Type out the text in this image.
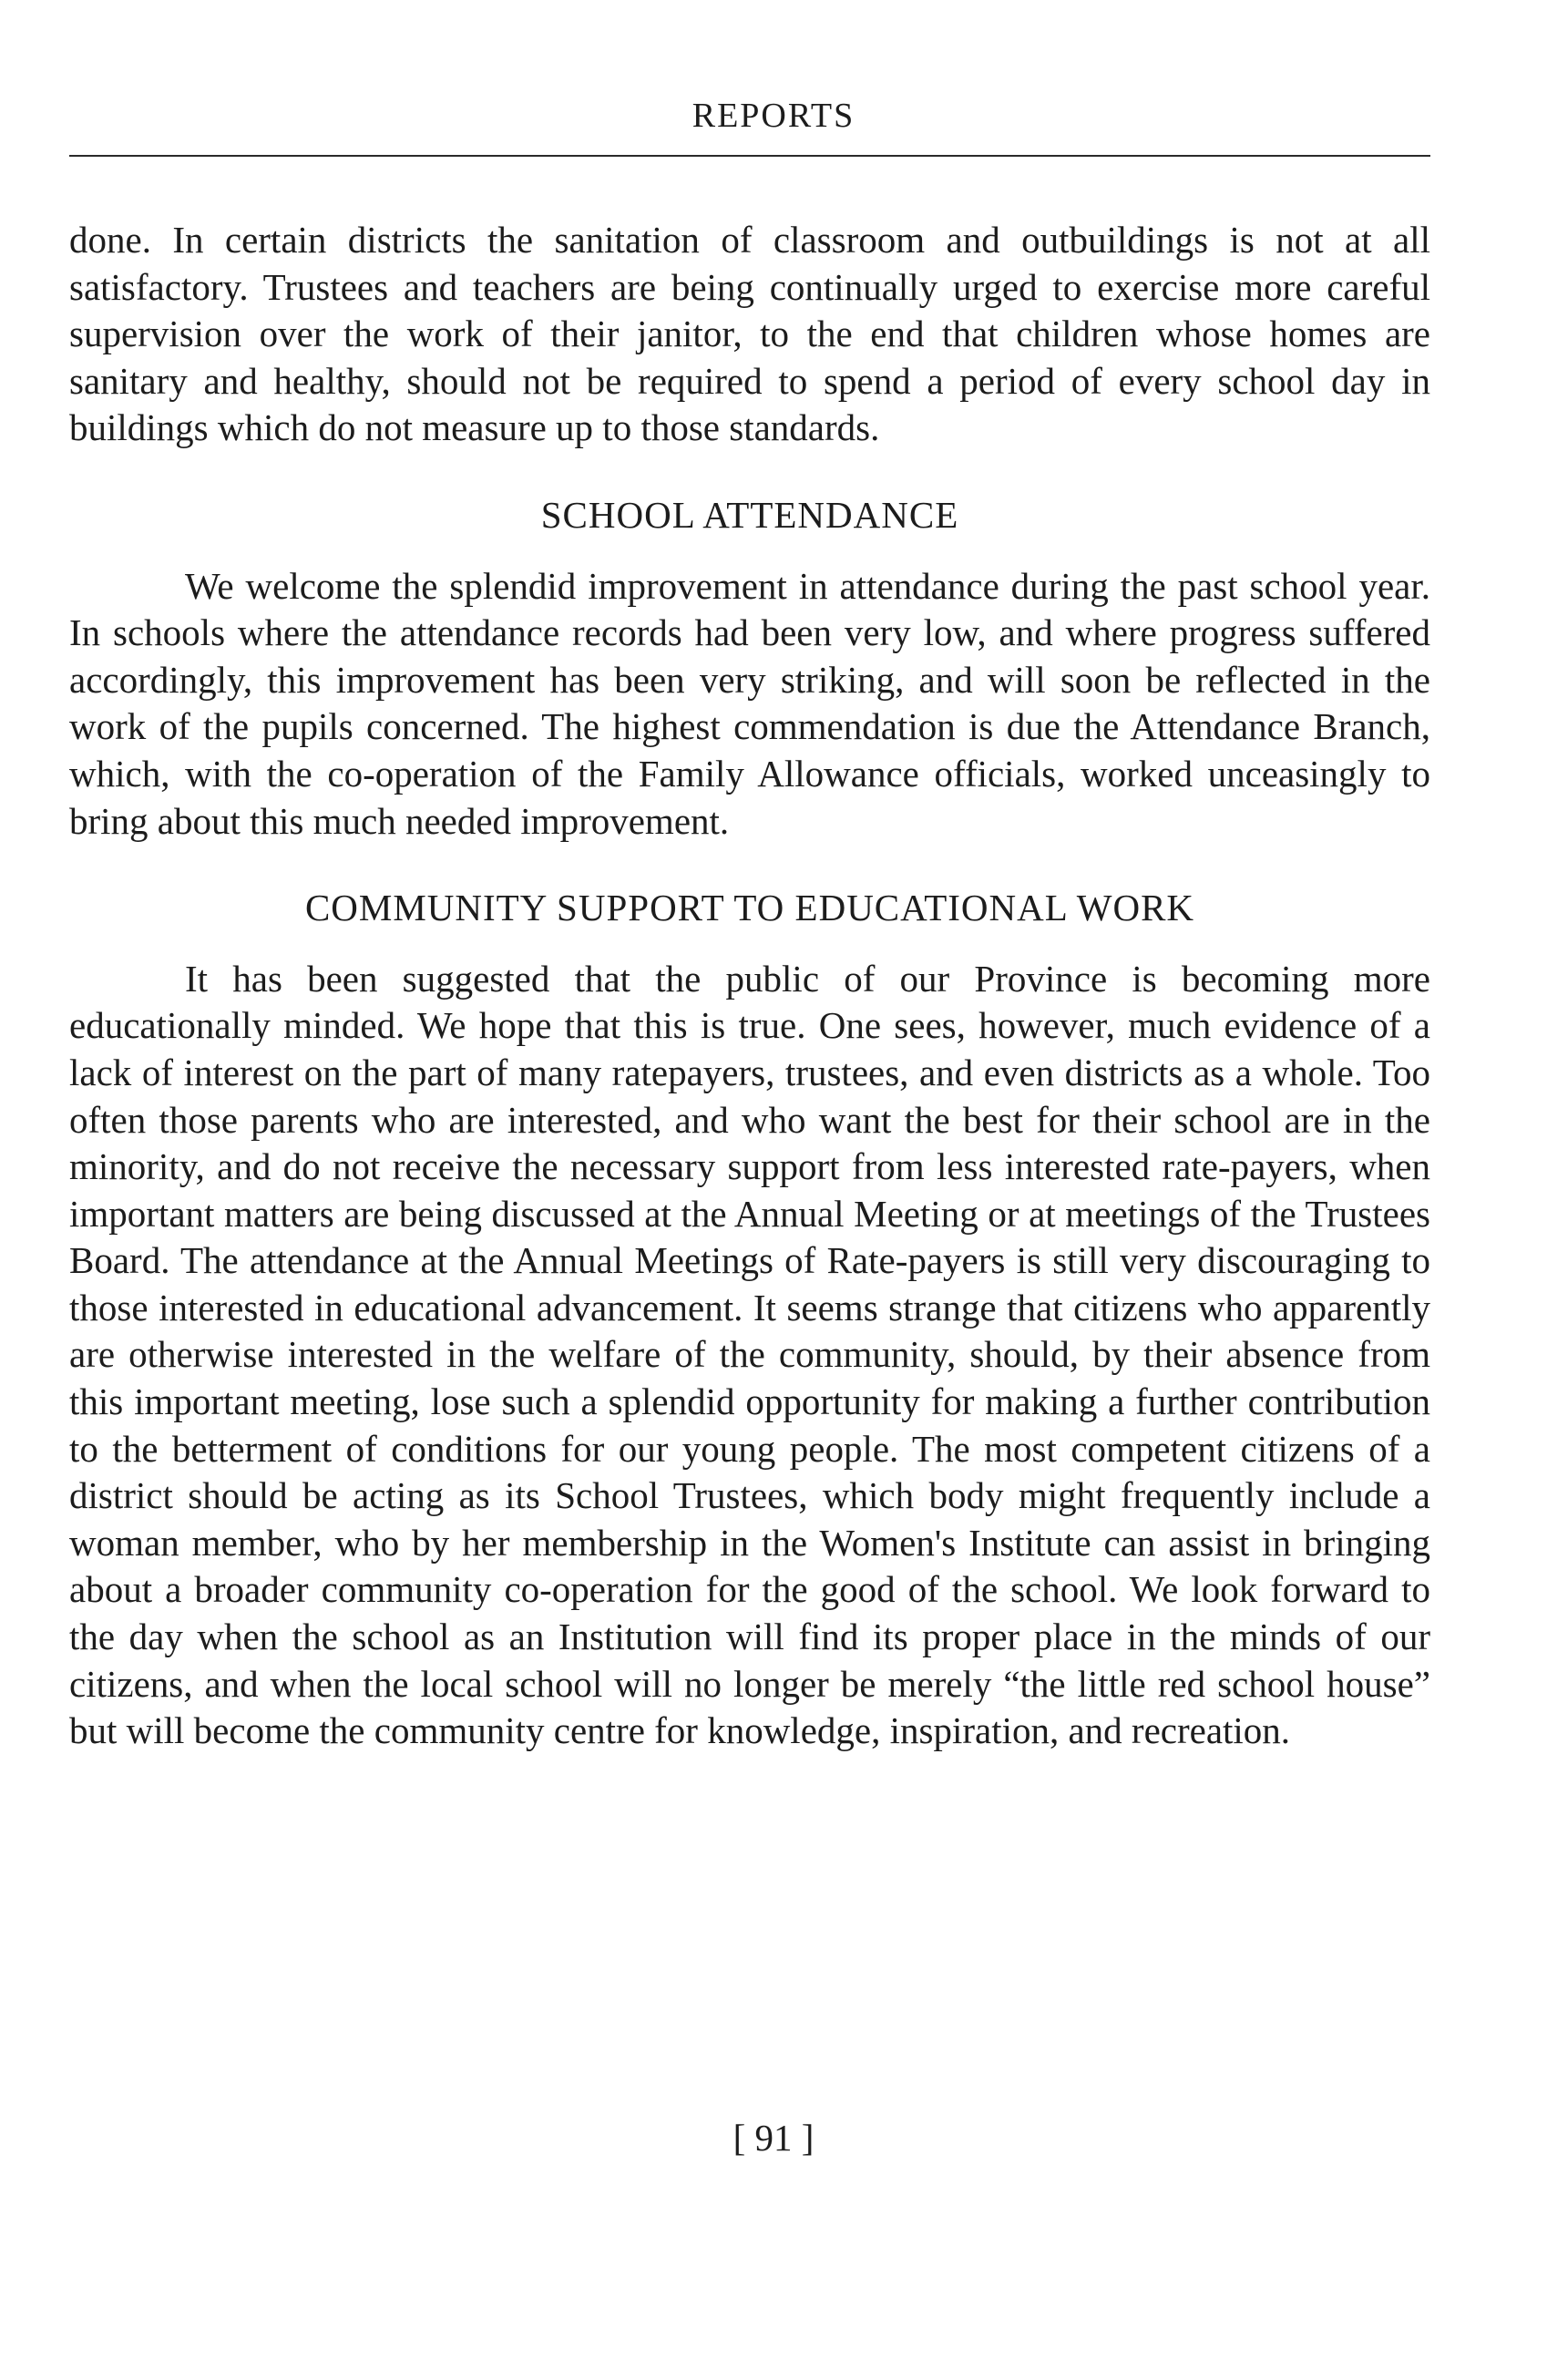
REPORTS

done. In certain districts the sanitation of classroom and outbuildings is not at all satisfactory. Trustees and teachers are being continually urged to exercise more careful supervision over the work of their janitor, to the end that children whose homes are sanitary and healthy, should not be required to spend a period of every school day in buildings which do not measure up to those standards.

SCHOOL ATTENDANCE

We welcome the splendid improvement in attendance during the past school year. In schools where the attendance records had been very low, and where progress suffered accordingly, this improvement has been very striking, and will soon be reflected in the work of the pupils concerned. The highest commendation is due the Attendance Branch, which, with the co-operation of the Family Allowance officials, worked unceasingly to bring about this much needed improvement.

COMMUNITY SUPPORT TO EDUCATIONAL WORK

It has been suggested that the public of our Province is becoming more educationally minded. We hope that this is true. One sees, however, much evidence of a lack of interest on the part of many ratepayers, trustees, and even districts as a whole. Too often those parents who are interested, and who want the best for their school are in the minority, and do not receive the necessary support from less interested rate-payers, when important matters are being discussed at the Annual Meeting or at meetings of the Trustees Board. The attendance at the Annual Meetings of Rate-payers is still very discouraging to those interested in educational advancement. It seems strange that citizens who apparently are otherwise interested in the welfare of the community, should, by their absence from this important meeting, lose such a splendid opportunity for making a further contribution to the betterment of conditions for our young people. The most competent citizens of a district should be acting as its School Trustees, which body might frequently include a woman member, who by her membership in the Women's Institute can assist in bringing about a broader community co-operation for the good of the school. We look forward to the day when the school as an Institution will find its proper place in the minds of our citizens, and when the local school will no longer be merely “the little red school house” but will become the community centre for knowledge, inspiration, and recreation.

[ 91 ]
